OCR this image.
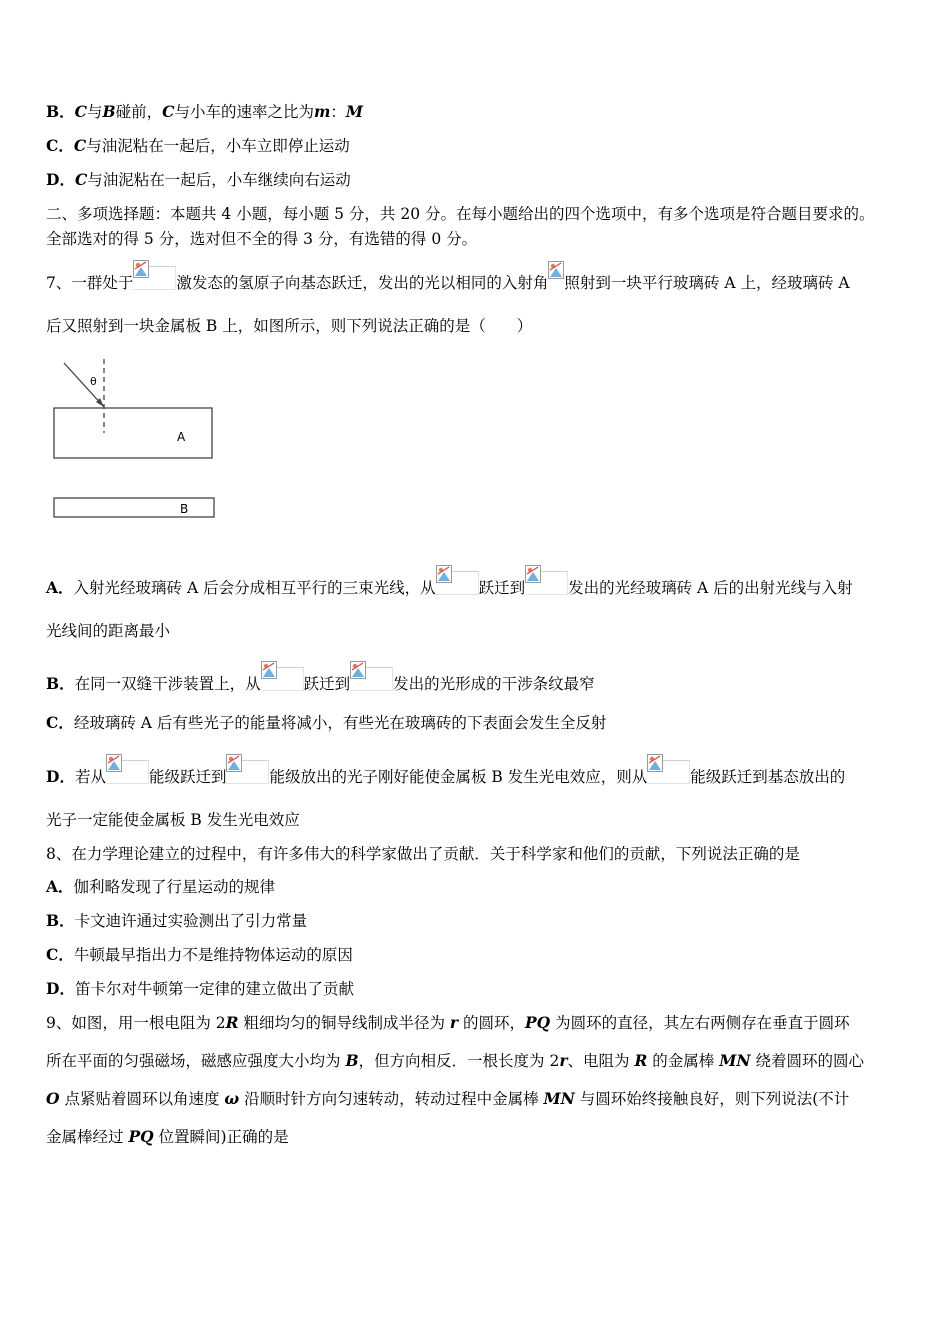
B．C与B碰前，C与小车的速率之比为m：M
C．C与油泥粘在一起后，小车立即停止运动
D．C与油泥粘在一起后，小车继续向右运动
二、多项选择题：本题共 4 小题，每小题 5 分，共 20 分。在每小题给出的四个选项中，有多个选项是符合题目要求的。
全部选对的得 5 分，选对但不全的得 3 分，有选错的得 0 分。
7、一群处于	激发态的氢原子向基态跃迁，发出的光以相同的入射角 照射到一块平行玻璃砖 A 上，经玻璃砖 A
后又照射到一块金属板 B 上，如图所示，则下列说法正确的是（　　）
θ
A
B
A．入射光经玻璃砖 A 后会分成相互平行的三束光线，从	跃迁到	发出的光经玻璃砖 A 后的出射光线与入射
光线间的距离最小
B．在同一双缝干涉装置上，从	跃迁到	发出的光形成的干涉条纹最窄
C．经玻璃砖 A 后有些光子的能量将减小，有些光在玻璃砖的下表面会发生全反射
D．若从	能级跃迁到	能级放出的光子刚好能使金属板 B 发生光电效应，则从	能级跃迁到基态放出的
光子一定能使金属板 B 发生光电效应
8、在力学理论建立的过程中，有许多伟大的科学家做出了贡献．关于科学家和他们的贡献，下列说法正确的是
A．伽利略发现了行星运动的规律
B．卡文迪许通过实验测出了引力常量
C．牛顿最早指出力不是维持物体运动的原因
D．笛卡尔对牛顿第一定律的建立做出了贡献
9、如图，用一根电阻为 2R 粗细均匀的铜导线制成半径为 r 的圆环，PQ 为圆环的直径，其左右两侧存在垂直于圆环
所在平面的匀强磁场，磁感应强度大小均为 B，但方向相反．一根长度为 2r、电阻为 R 的金属棒 MN 绕着圆环的圆心
O 点紧贴着圆环以角速度 ω 沿顺时针方向匀速转动，转动过程中金属棒 MN 与圆环始终接触良好，则下列说法(不计
金属棒经过 PQ 位置瞬间)正确的是
